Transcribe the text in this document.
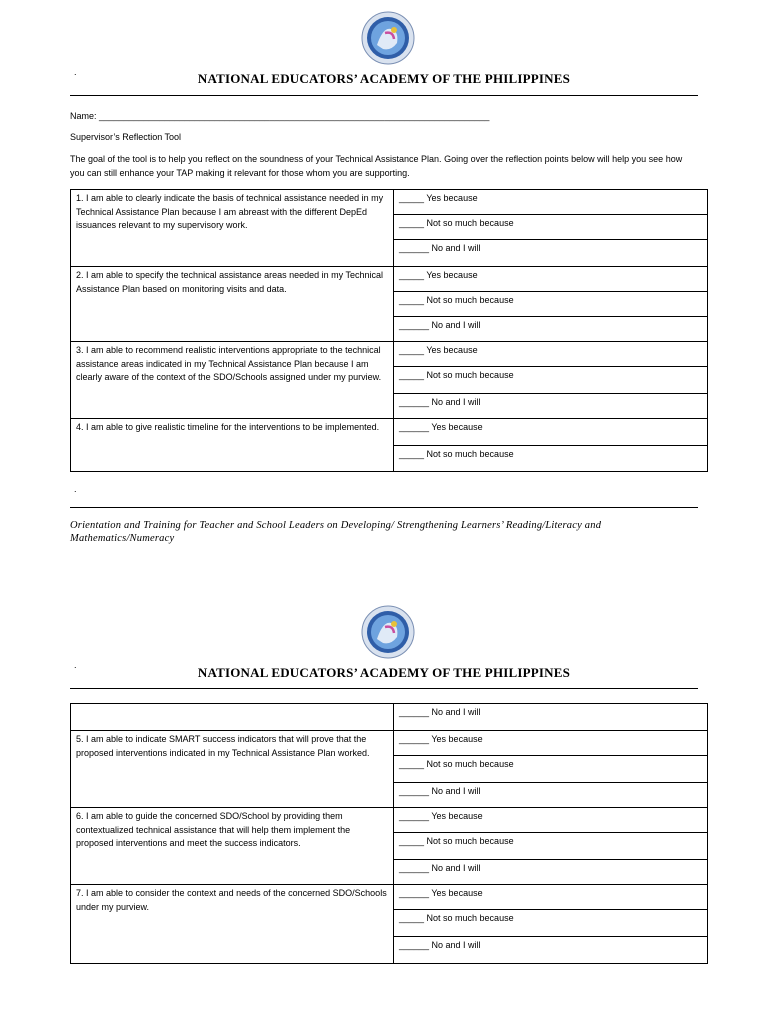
.	NATIONAL EDUCATORS’ ACADEMY OF THE PHILIPPINES
Name: ______________________________________________________________________________
Supervisor’s Reflection Tool
The goal of the tool is to help you reflect on the soundness of your Technical Assistance Plan. Going over the reflection points below will help you see how you can still enhance your TAP making it relevant for those whom you are supporting.
1. I am able to clearly indicate the basis of technical assistance needed in my Technical Assistance Plan because I am abreast with the different DepEd issuances relevant to my supervisory work.	_____ Yes because
	_____ Not so much because
	______ No and I will
2. I am able to specify the technical assistance areas needed in my Technical Assistance Plan based on monitoring visits and data.	_____ Yes because
	_____ Not so much because
	______ No and I will
3. I am able to recommend realistic interventions appropriate to the technical assistance areas indicated in my Technical Assistance Plan because I am clearly aware of the context of the SDO/Schools assigned under my purview.	_____ Yes because
	_____ Not so much because
	______ No and I will
4. I am able to give realistic timeline for the interventions to be implemented.	______ Yes because
	_____ Not so much because
.
Orientation and Training for Teacher and School Leaders on Developing/ Strengthening Learners’ Reading/Literacy and Mathematics/Numeracy
.	NATIONAL EDUCATORS’ ACADEMY OF THE PHILIPPINES
	______ No and I will
5. I am able to indicate SMART success indicators that will prove that the proposed interventions indicated in my Technical Assistance Plan worked.	______ Yes because
	_____ Not so much because
	______ No and I will
6. I am able to guide the concerned SDO/School by providing them contextualized technical assistance that will help them implement the proposed interventions and meet the success indicators.	______ Yes because
	_____ Not so much because
	______ No and I will
7. I am able to consider the context and needs of the concerned SDO/Schools under my purview.	______ Yes because
	_____ Not so much because
	______ No and I will
